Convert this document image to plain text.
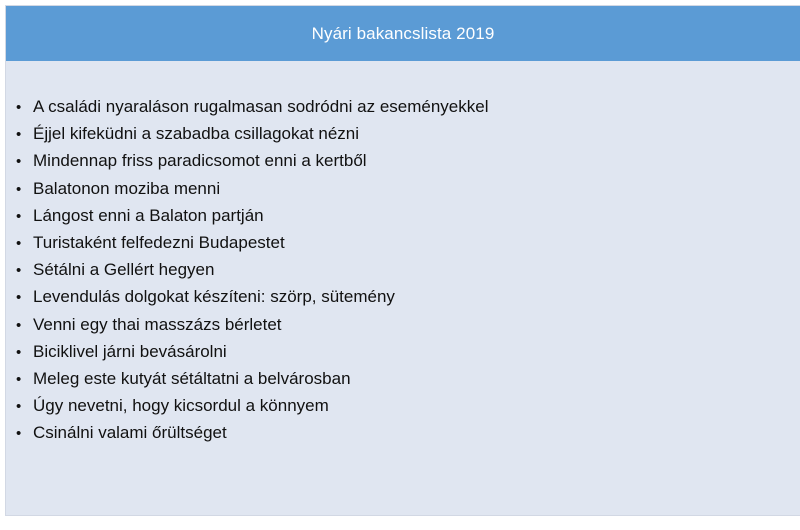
Nyári bakancslista 2019
• A családi nyaraláson rugalmasan sodródni az eseményekkel
• Éjjel kifeküdni a szabadba csillagokat nézni
• Mindennap friss paradicsomot enni a kertből
• Balatonon moziba menni
• Lángost enni a Balaton partján
• Turistaként felfedezni Budapestet
• Sétálni a Gellért hegyen
• Levendulás dolgokat készíteni: szörp, sütemény
• Venni egy thai masszázs bérletet
• Biciklivel járni bevásárolni
• Meleg este kutyát sétáltatni a belvárosban
• Úgy nevetni, hogy kicsordul a könnyem
• Csinálni valami őrültséget
